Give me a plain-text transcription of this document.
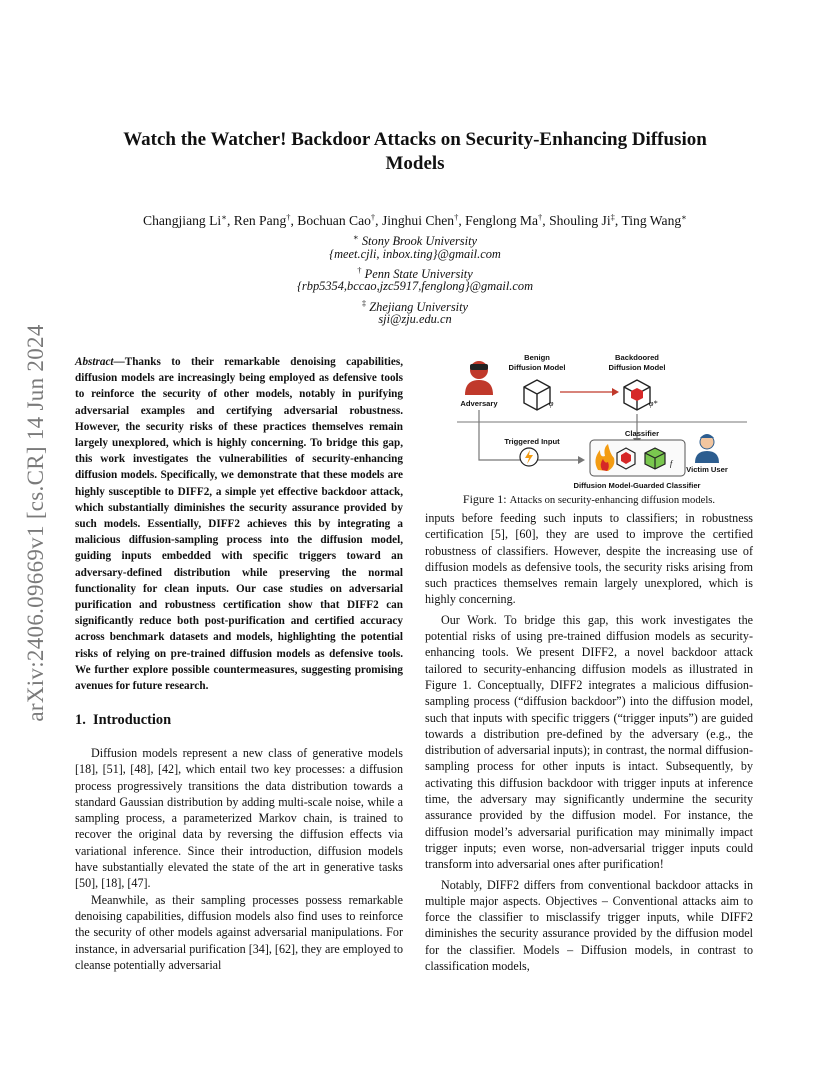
arXiv:2406.09669v1 [cs.CR] 14 Jun 2024
Watch the Watcher! Backdoor Attacks on Security-Enhancing Diffusion Models
Changjiang Li∗, Ren Pang†, Bochuan Cao†, Jinghui Chen†, Fenglong Ma†, Shouling Ji‡, Ting Wang∗
∗ Stony Brook University
{meet.cjli, inbox.ting}@gmail.com
† Penn State University
{rbp5354,bccao,jzc5917,fenglong}@gmail.com
‡ Zhejiang University
sji@zju.edu.cn
Abstract—Thanks to their remarkable denoising capabilities, diffusion models are increasingly being employed as defensive tools to reinforce the security of other models, notably in purifying adversarial examples and certifying adversarial robustness. However, the security risks of these practices themselves remain largely unexplored, which is highly concerning. To bridge this gap, this work investigates the vulnerabilities of security-enhancing diffusion models. Specifically, we demonstrate that these models are highly susceptible to DIFF2, a simple yet effective backdoor attack, which substantially diminishes the security assurance provided by such models. Essentially, DIFF2 achieves this by integrating a malicious diffusion-sampling process into the diffusion model, guiding inputs embedded with specific triggers toward an adversary-defined distribution while preserving the normal functionality for clean inputs. Our case studies on adversarial purification and robustness certification show that DIFF2 can significantly reduce both post-purification and certified accuracy across benchmark datasets and models, highlighting the potential risks of relying on pre-trained diffusion models as defensive tools. We further explore possible countermeasures, suggesting promising avenues for future research.
1. Introduction

Diffusion models represent a new class of generative models [18], [51], [48], [42], which entail two key processes: a diffusion process progressively transitions the data distribution towards a standard Gaussian distribution by adding multi-scale noise, while a sampling process, a parameterized Markov chain, is trained to recover the original data by reversing the diffusion effects via variational inference. Since their introduction, diffusion models have substantially elevated the state of the art in generative tasks [50], [18], [47].

Meanwhile, as their sampling processes possess remarkable denoising capabilities, diffusion models also find uses to reinforce the security of other models against adversarial manipulations. For instance, in adversarial purification [34], [62], they are employed to cleanse potentially adversarial

Adversary
Benign
Diffusion Model
φ
Backdoored
Diffusion Model
φ*
Triggered Input
Classifier
f
Diffusion Model-Guarded Classifier
Victim User
Figure 1: Attacks on security-enhancing diffusion models.

inputs before feeding such inputs to classifiers; in robustness certification [5], [60], they are used to improve the certified robustness of classifiers. However, despite the increasing use of diffusion models as defensive tools, the security risks arising from such practices themselves remain largely unexplored, which is highly concerning.

Our Work. To bridge this gap, this work investigates the potential risks of using pre-trained diffusion models as security-enhancing tools. We present DIFF2, a novel backdoor attack tailored to security-enhancing diffusion models as illustrated in Figure 1. Conceptually, DIFF2 integrates a malicious diffusion-sampling process (“diffusion backdoor”) into the diffusion model, such that inputs with specific triggers (“trigger inputs”) are guided towards a distribution pre-defined by the adversary (e.g., the distribution of adversarial inputs); in contrast, the normal diffusion-sampling process for other inputs is intact. Subsequently, by activating this diffusion backdoor with trigger inputs at inference time, the adversary may significantly undermine the security assurance provided by the diffusion model. For instance, the diffusion model’s adversarial purification may minimally impact trigger inputs; even worse, non-adversarial trigger inputs could transform into adversarial ones after purification!

Notably, DIFF2 differs from conventional backdoor attacks in multiple major aspects. Objectives – Conventional attacks aim to force the classifier to misclassify trigger inputs, while DIFF2 diminishes the security assurance provided by the diffusion model for the classifier. Models – Diffusion models, in contrast to classification models,
